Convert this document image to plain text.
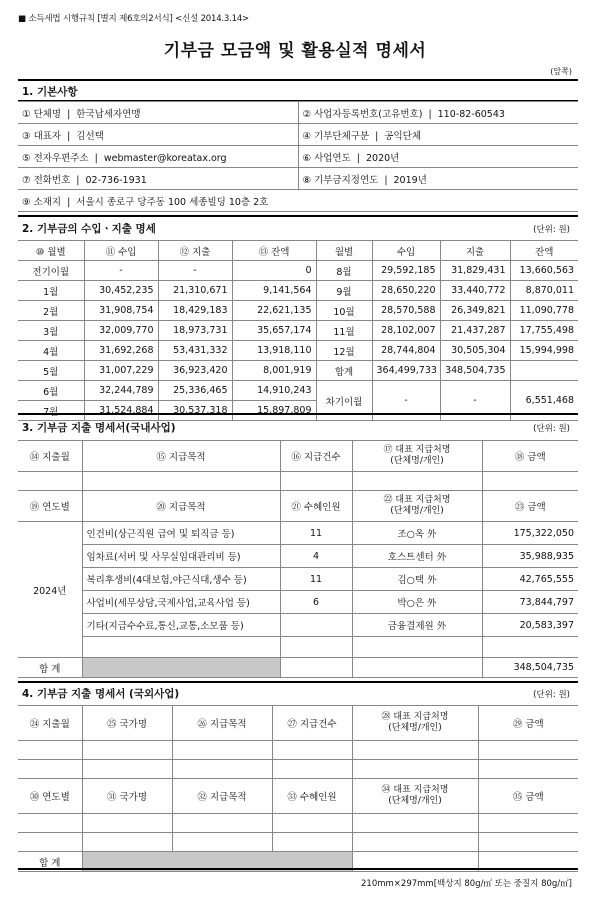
■ 소득세법 시행규칙 [별지 제6호의2서식] <신설 2014.3.14>
기부금 모금액 및 활용실적 명세서
(앞쪽)
1. 기본사항
① 단체명 | 한국납세자연맹	② 사업자등록번호(고유번호) | 110-82-60543
③ 대표자 | 김선택	④ 기부단체구분 | 공익단체
⑤ 전자우편주소 | webmaster@koreatax.org	⑥ 사업연도 | 2020년
⑦ 전화번호 | 02-736-1931	⑧ 기부금지정연도 | 2019년
⑨ 소재지 | 서울시 종로구 당주동 100 세종빌딩 10층 2호	
2. 기부금의 수입ㆍ지출 명세	(단위: 원)
⑩ 월별	⑪ 수입	⑫ 지출	⑬ 잔액	월별	수입	지출	잔액
전기이월	-	-	0	8월	29,592,185	31,829,431	13,660,563
1월	30,452,235	21,310,671	9,141,564	9월	28,650,220	33,440,772	8,870,011
2월	31,908,754	18,429,183	22,621,135	10월	28,570,588	26,349,821	11,090,778
3월	32,009,770	18,973,731	35,657,174	11월	28,102,007	21,437,287	17,755,498
4월	31,692,268	53,431,332	13,918,110	12월	28,744,804	30,505,304	15,994,998
5월	31,007,229	36,923,420	8,001,919	합계	364,499,733	348,504,735	
6월	32,244,789	25,336,465	14,910,243	차기이월	-	-	6,551,468
7월	31,524,884	30,537,318	15,897,809				
3. 기부금 지출 명세서(국내사업)	(단위: 원)
⑭ 지출월	⑮ 지급목적	⑯ 지급건수	⑰ 대표 지급처명
(단체명/개인)	⑱ 금액

⑲ 연도별	⑳ 지급목적	㉑ 수혜인원	㉒ 대표 지급처명
(단체명/개인)	㉓ 금액
2024년	인건비(상근직원 급여 및 퇴직금 등)	11	조○옥 外	175,322,050
	임차료(서버 및 사무실임대관리비 등)	4	호스트센터 外	35,988,935
	복리후생비(4대보험,야근식대,생수 등)	11	김○택 外	42,765,555
	사업비(세무상담,국제사업,교육사업 등)	6	박○은 外	73,844,797
	기타(지급수수료,통신,교통,소모품 등)		금융결제원 外	20,583,397

합 계				348,504,735
4. 기부금 지출 명세서 (국외사업)	(단위: 원)
㉔ 지출월	㉕ 국가명	㉖ 지급목적	㉗ 지급건수	㉘ 대표 지급처명
(단체명/개인)	㉙ 금액

㉚ 연도별	㉛ 국가명	㉜ 지급목적	㉝ 수혜인원	㉞ 대표 지급처명
(단체명/개인)	㉟ 금액

합 계					
210mm×297mm[백상지 80g/㎡ 또는 중질지 80g/㎡]
